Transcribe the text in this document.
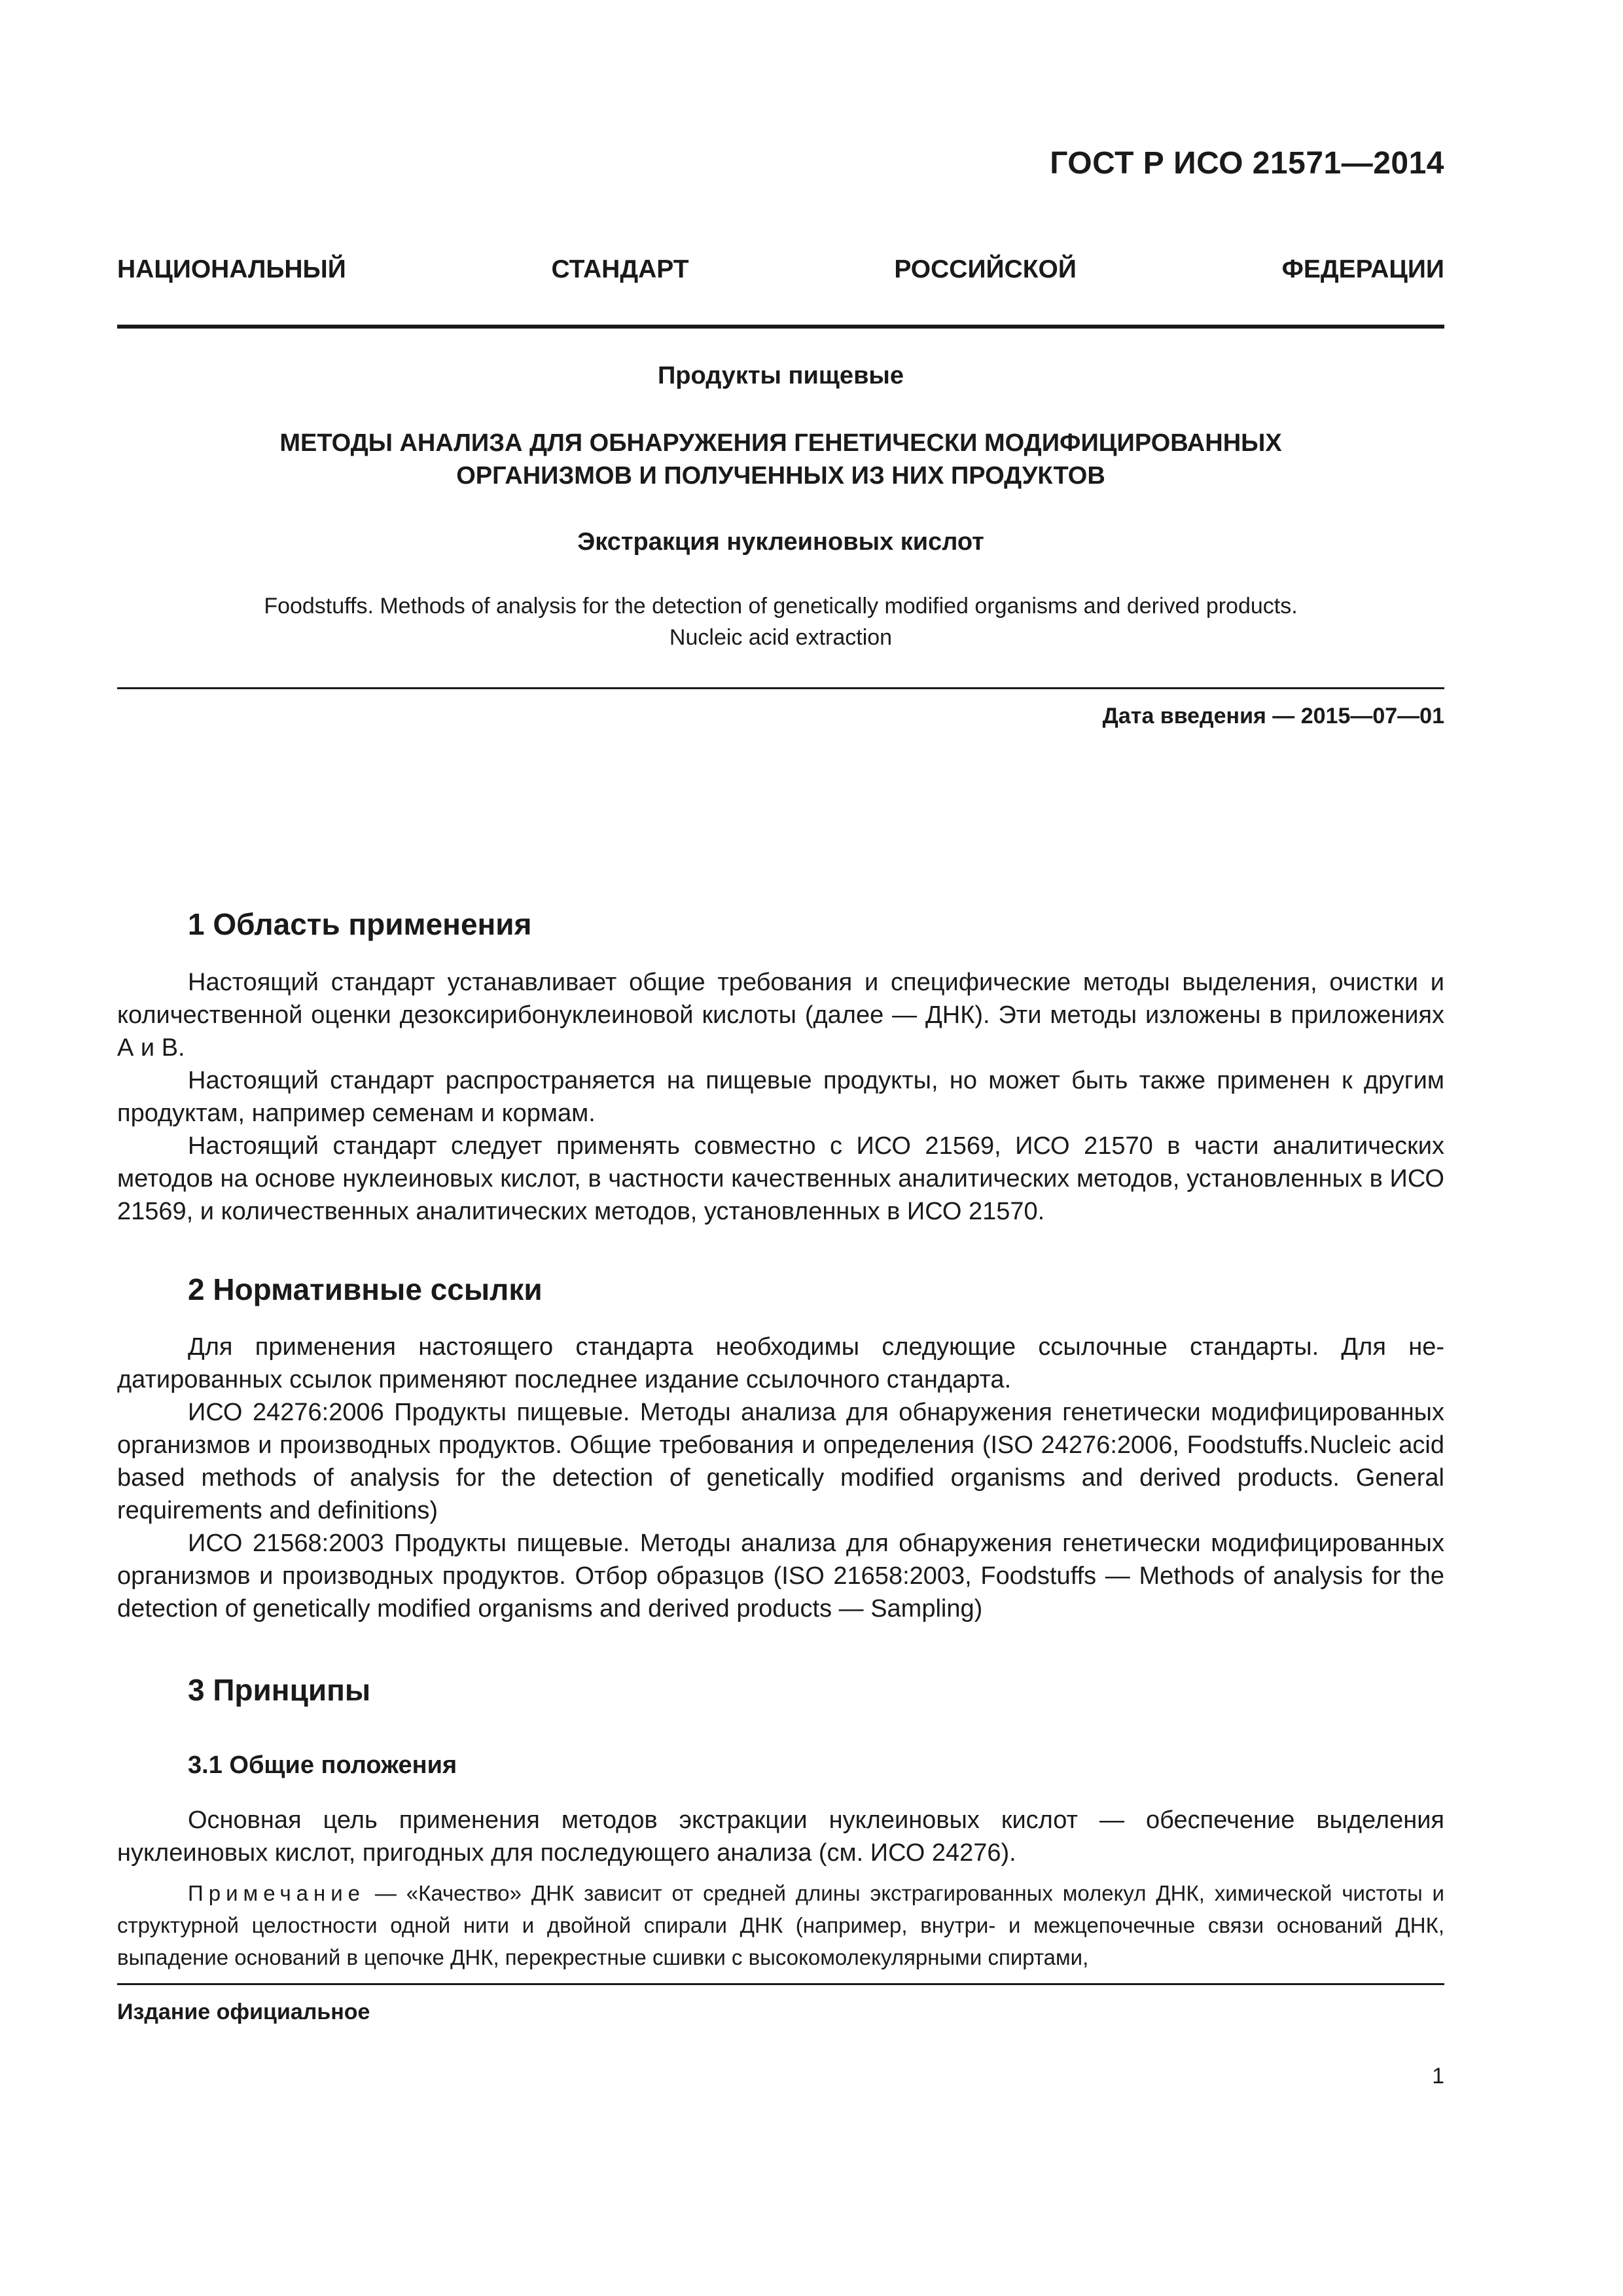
ГОСТ Р ИСО 21571—2014
НАЦИОНАЛЬНЫЙ	СТАНДАРТ	РОССИЙСКОЙ	ФЕДЕРАЦИИ
Продукты пищевые
МЕТОДЫ АНАЛИЗА ДЛЯ ОБНАРУЖЕНИЯ ГЕНЕТИЧЕСКИ МОДИФИЦИРОВАННЫХ
ОРГАНИЗМОВ И ПОЛУЧЕННЫХ ИЗ НИХ ПРОДУКТОВ
Экстракция нуклеиновых кислот
Foodstuffs. Methods of analysis for the detection of genetically modified organisms and derived products.
Nucleic acid extraction
Дата введения — 2015—07—01
1 Область применения

Настоящий стандарт устанавливает общие требования и специфические методы выделения, очистки и количественной оценки дезоксирибонуклеиновой кислоты (далее — ДНК). Эти методы изложены в приложениях А и В.

Настоящий стандарт распространяется на пищевые продукты, но может быть также применен к другим продуктам, например семенам и кормам.

Настоящий стандарт следует применять совместно с ИСО 21569, ИСО 21570 в части аналитических методов на основе нуклеиновых кислот, в частности качественных аналитических методов, установленных в ИСО 21569, и количественных аналитических методов, установленных в ИСО 21570.

2 Нормативные ссылки

Для применения настоящего стандарта необходимы следующие ссылочные стандарты. Для недатированных ссылок применяют последнее издание ссылочного стандарта.

ИСО 24276:2006 Продукты пищевые. Методы анализа для обнаружения генетически модифицированных организмов и производных продуктов. Общие требования и определения (ISO 24276:2006, Foodstuffs.Nucleic acid based methods of analysis for the detection of genetically modified organisms and derived products. General requirements and definitions)

ИСО 21568:2003 Продукты пищевые. Методы анализа для обнаружения генетически модифицированных организмов и производных продуктов. Отбор образцов (ISO 21658:2003, Foodstuffs — Methods of analysis for the detection of genetically modified organisms and derived products — Sampling)

3 Принципы
3.1 Общие положения

Основная цель применения методов экстракции нуклеиновых кислот — обеспечение выделения нуклеиновых кислот, пригодных для последующего анализа (см. ИСО 24276).

Примечание — «Качество» ДНК зависит от средней длины экстрагированных молекул ДНК, химической чистоты и структурной целостности одной нити и двойной спирали ДНК (например, внутри- и межцепочечные связи оснований ДНК, выпадение оснований в цепочке ДНК, перекрестные сшивки с высокомолекулярными спиртами,
Издание официальное
1
